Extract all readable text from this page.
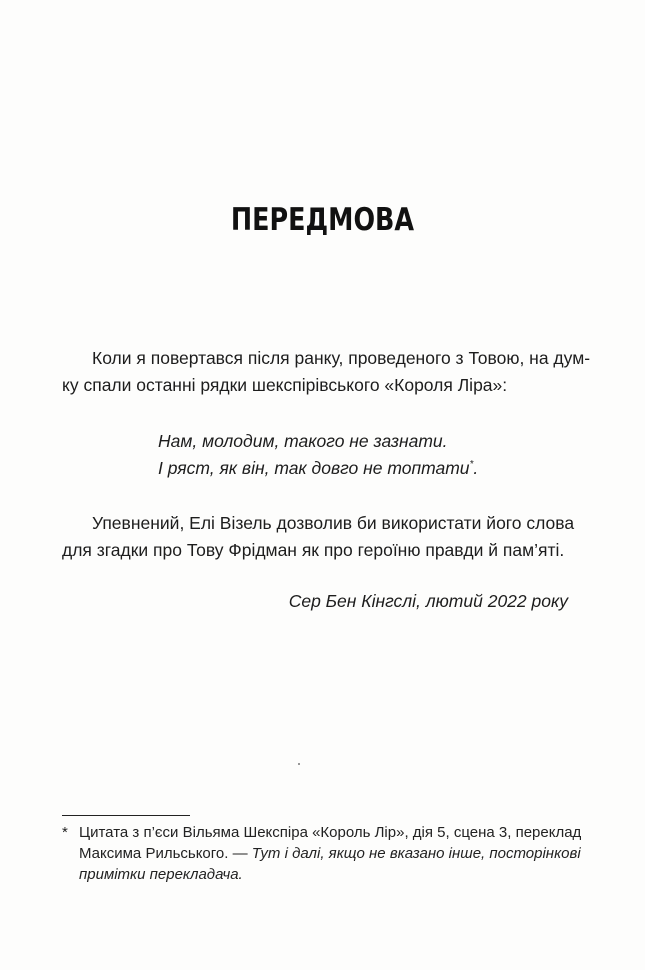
ПЕРЕДМОВА
Коли я повертався після ранку, проведеного з Товою, на дум-
ку спали останні рядки шекспірівського «Короля Ліра»:
Нам, молодим, такого не зазнати.
І ряст, як він, так довго не топтати*.
Упевнений, Елі Візель дозволив би використати його слова
для згадки про Тову Фрідман як про героїню правди й пам’яті.
Сер Бен Кінгслі, лютий 2022 року
* Цитата з п’єси Вільяма Шекспіра «Король Лір», дія 5, сцена 3, переклад
Максима Рильського. — Тут і далі, якщо не вказано інше, посторінкові
примітки перекладача.
